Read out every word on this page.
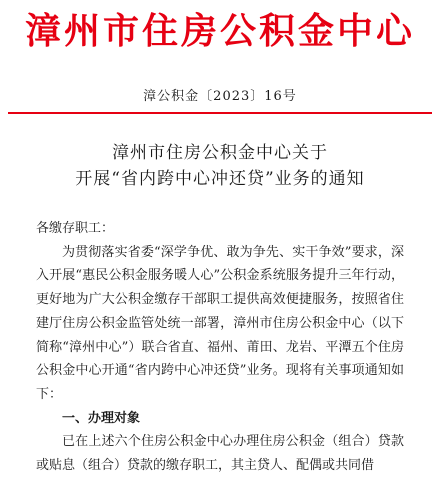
漳州市住房公积金中心
漳公积金〔2023〕16号
漳州市住房公积金中心关于
开展“省内跨中心冲还贷”业务的通知

各缴存职工：

为贯彻落实省委“深学争优、敢为争先、实干争效”要求，深入开展“惠民公积金服务暖人心”公积金系统服务提升三年行动，更好地为广大公积金缴存干部职工提供高效便捷服务，按照省住建厅住房公积金监管处统一部署，漳州市住房公积金中心（以下简称“漳州中心”）联合省直、福州、莆田、龙岩、平潭五个住房公积金中心开通“省内跨中心冲还贷”业务。现将有关事项通知如下：

一、办理对象

已在上述六个住房公积金中心办理住房公积金（组合）贷款或贴息（组合）贷款的缴存职工，其主贷人、配偶或共同借
